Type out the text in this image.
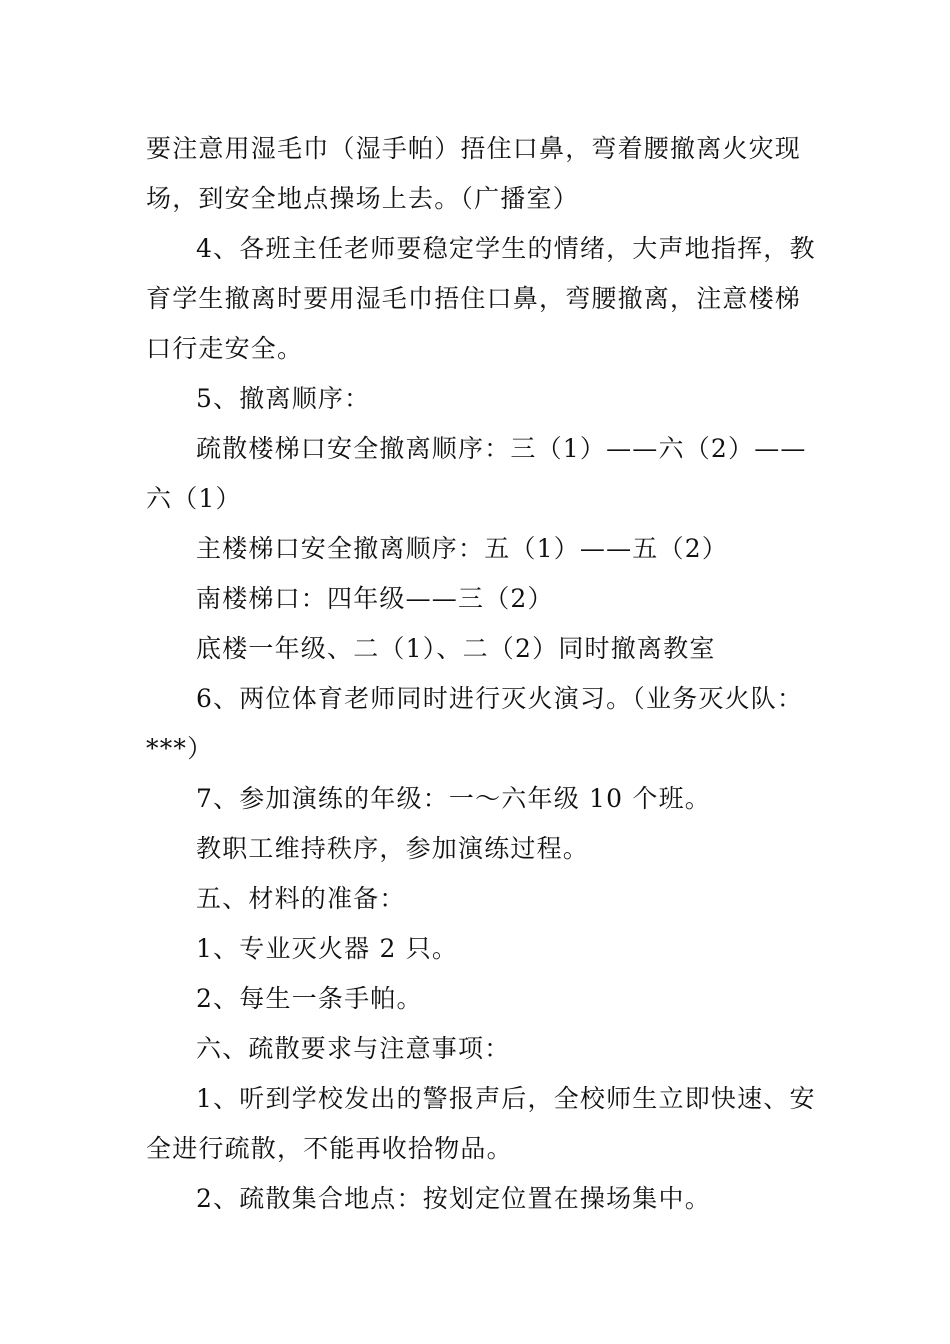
要注意用湿毛巾（湿手帕）捂住口鼻，弯着腰撤离火灾现
场，到安全地点操场上去。（广播室）
4、各班主任老师要稳定学生的情绪，大声地指挥，教
育学生撤离时要用湿毛巾捂住口鼻，弯腰撤离，注意楼梯
口行走安全。
5、撤离顺序：
疏散楼梯口安全撤离顺序：三（1）——六（2）——
六（1）
主楼梯口安全撤离顺序：五（1）——五（2）
南楼梯口：四年级——三（2）
底楼一年级、二（1）、二（2）同时撤离教室
6、两位体育老师同时进行灭火演习。（业务灭火队：
***）
7、参加演练的年级：一～六年级 10 个班。
教职工维持秩序，参加演练过程。
五、材料的准备：
1、专业灭火器 2 只。
2、每生一条手帕。
六、疏散要求与注意事项：
1、听到学校发出的警报声后，全校师生立即快速、安
全进行疏散，不能再收拾物品。
2、疏散集合地点：按划定位置在操场集中。
